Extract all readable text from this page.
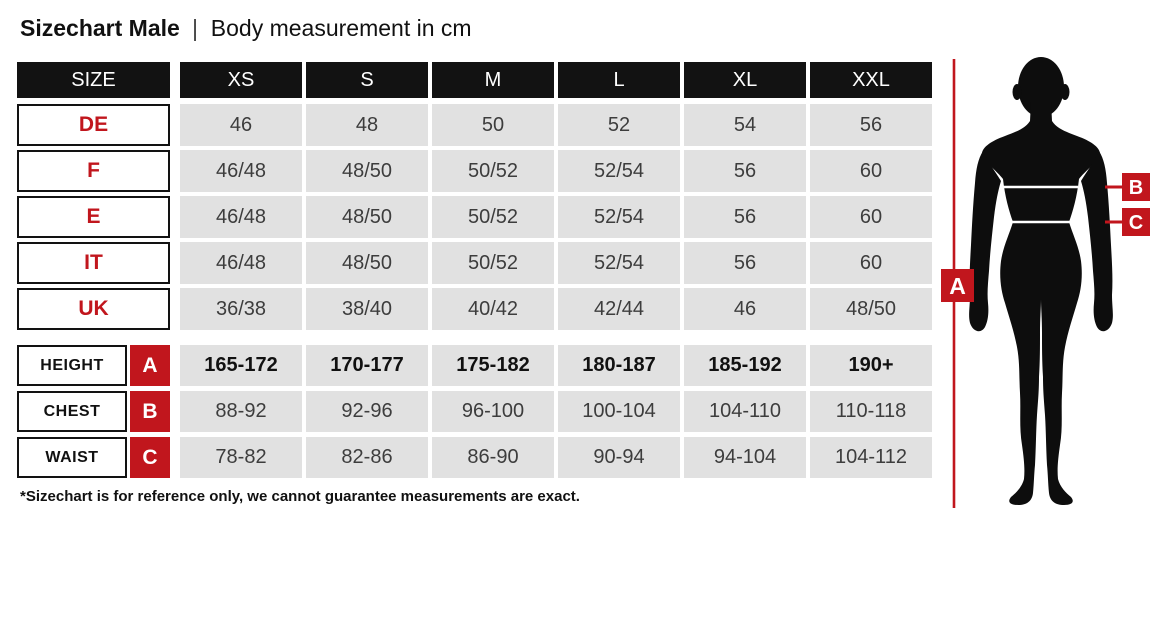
Sizechart Male | Body measurement in cm
SIZE	XS	S	M	L	XL	XXL
DE	46	48	50	52	54	56
F	46/48	48/50	50/52	52/54	56	60
E	46/48	48/50	50/52	52/54	56	60
IT	46/48	48/50	50/52	52/54	56	60
UK	36/38	38/40	40/42	42/44	46	48/50
HEIGHT	A	165-172	170-177	175-182	180-187	185-192	190+
CHEST	B	88-92	92-96	96-100	100-104	104-110	110-118
WAIST	C	78-82	82-86	86-90	90-94	94-104	104-112
A
B
C
*Sizechart is for reference only, we cannot guarantee measurements are exact.
